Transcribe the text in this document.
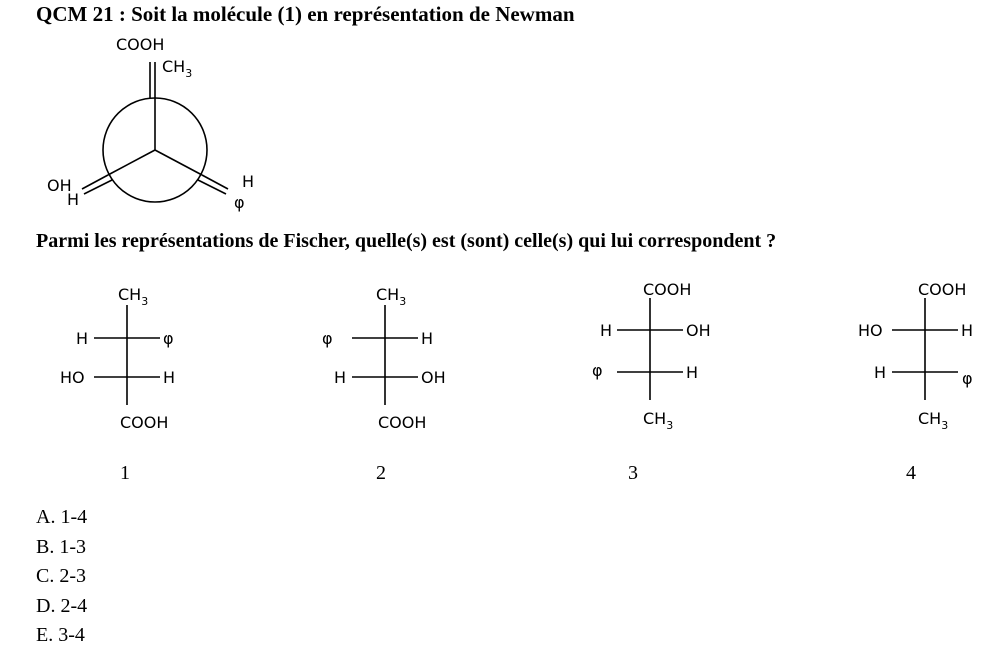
QCM 21 : Soit la molécule (1) en représentation de Newman
COOH
$CH_3$
OH
H
H
φ
$CH_3$
H	φ
HO	H
COOH
$CH_3$
φ	H
H	OH
COOH
COOH
H	OH
φ	H
$CH_3$
COOH
HO	H
H	φ
$CH_3$
Parmi les représentations de Fischer, quelle(s) est (sont) celle(s) qui lui correspondent ?
1	2	3	4
A. 1-4
B. 1-3
C. 2-3
D. 2-4
E. 3-4
